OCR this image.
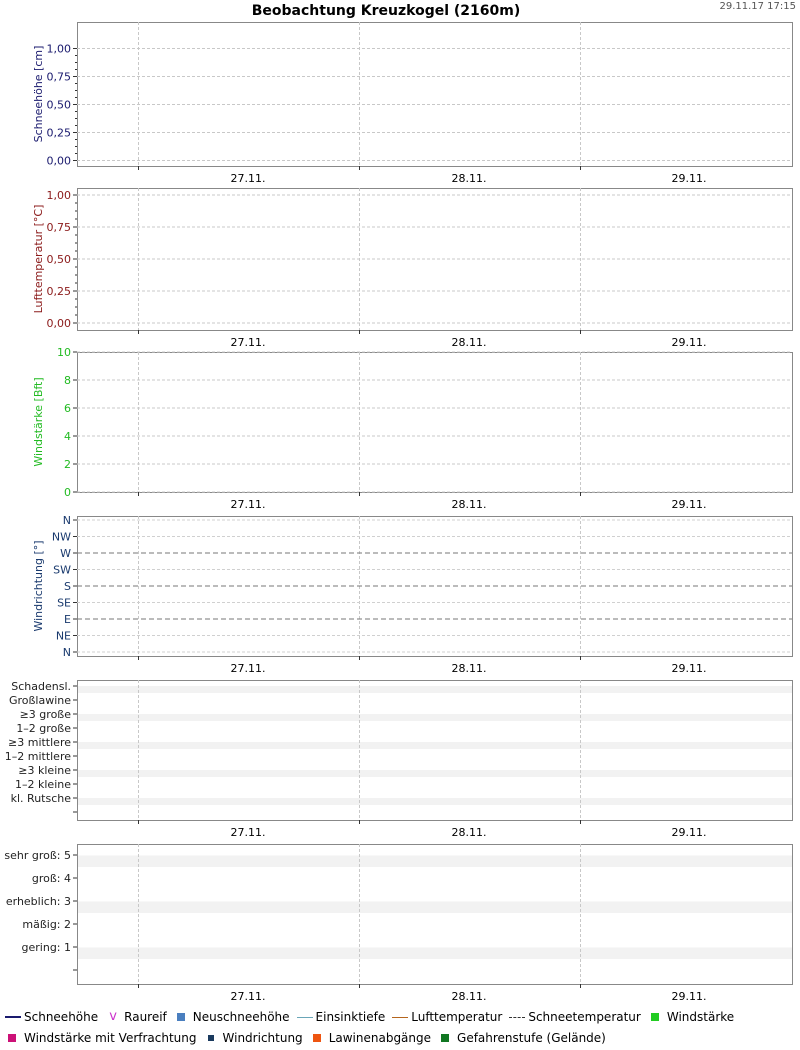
Beobachtung Kreuzkogel (2160m)	29.11.17 17:15
0,00
0,25
0,50
0,75
1,00
Schneehöhe [cm]
27.11.	28.11.	29.11.
0,00
0,25
0,50
0,75
1,00
Lufttemperatur [°C]
27.11.	28.11.	29.11.
0
2
4
6
8
10
Windstärke [Bft]
27.11.	28.11.	29.11.
N
NE
E
SE
S
SW
W
NW
N
Windrichtung [°]
27.11.	28.11.	29.11.
kl. Rutsche
1–2 kleine
≥3 kleine
1–2 mittlere
≥3 mittlere
1–2 große
≥3 große
Großlawine
Schadensl.
27.11.	28.11.	29.11.
gering: 1
mäßig: 2
erheblich: 3
groß: 4
sehr groß: 5
27.11.	28.11.	29.11.
Schneehöhe v Raureif Neuschneehöhe Einsinktiefe Lufttemperatur Schneetemperatur Windstärke
Windstärke mit Verfrachtung Windrichtung Lawinenabgänge Gefahrenstufe (Gelände)
